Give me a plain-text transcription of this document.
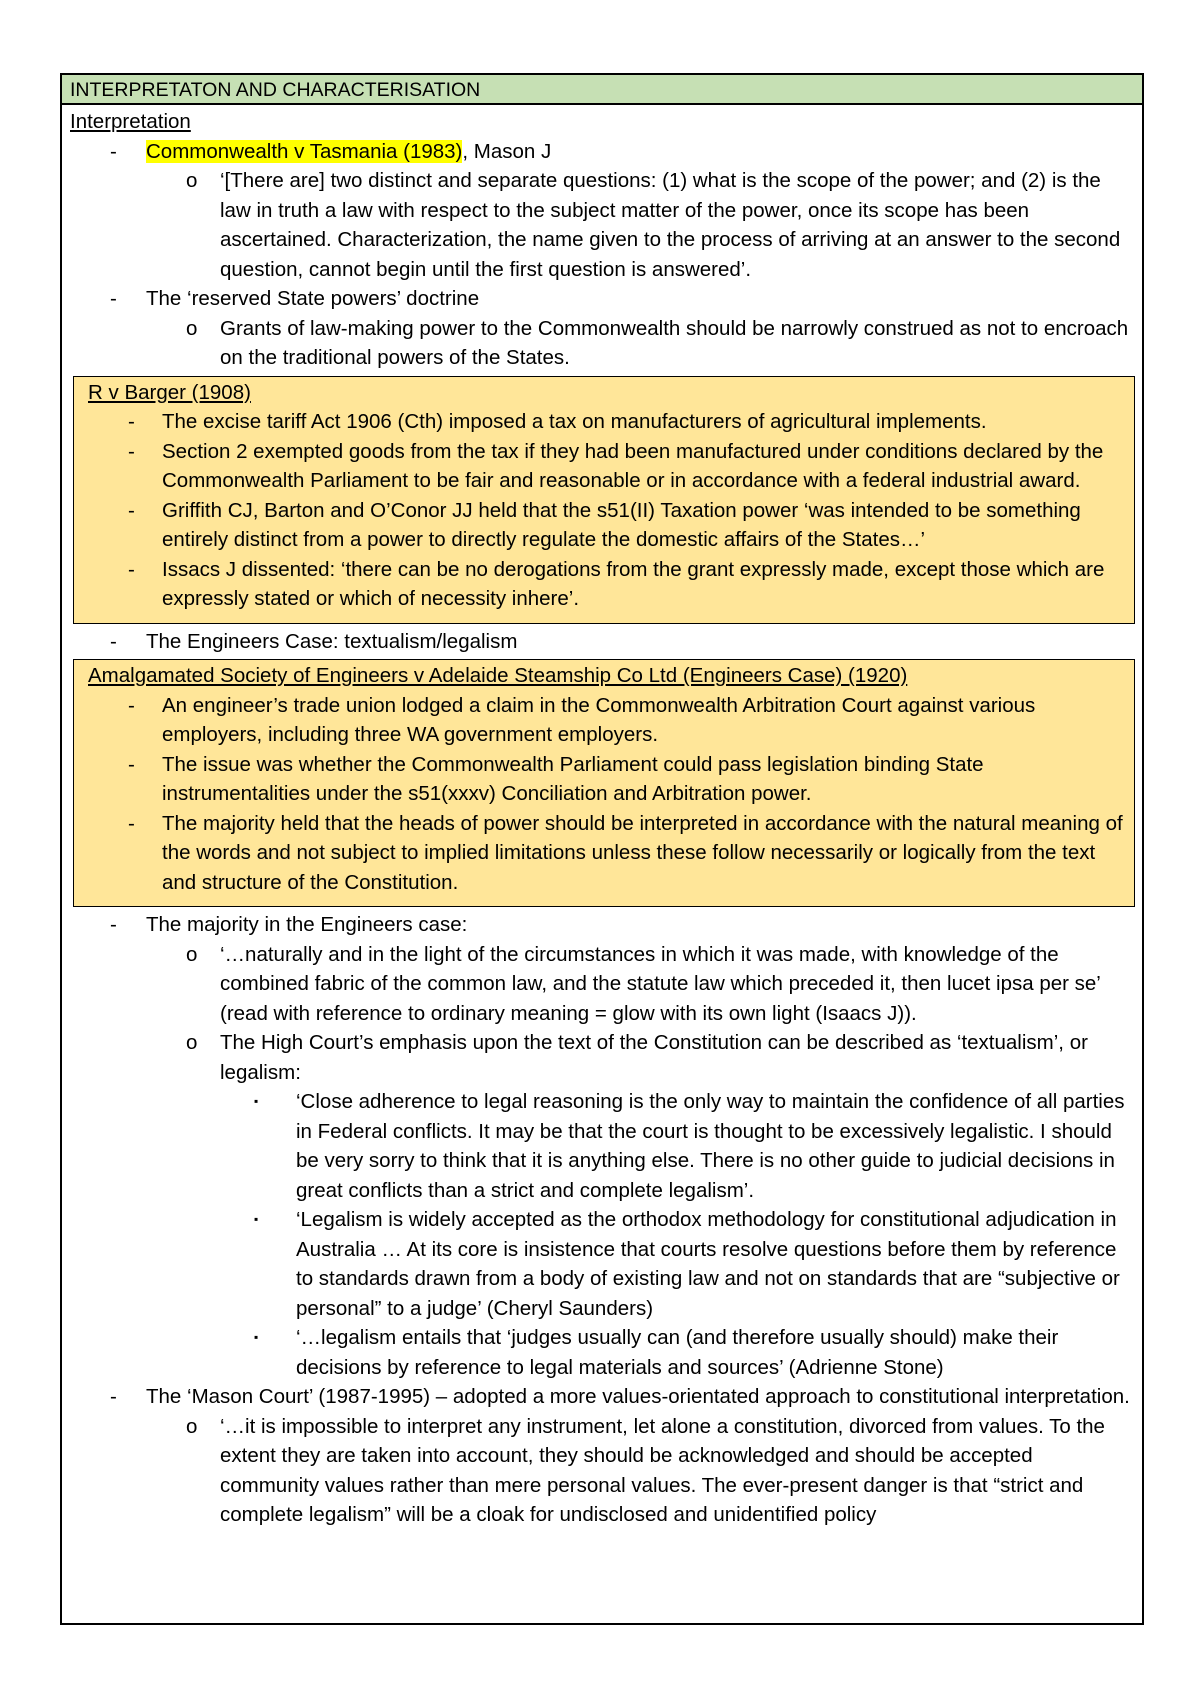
INTERPRETATON AND CHARACTERISATION
Interpretation
- Commonwealth v Tasmania (1983), Mason J
o ‘[There are] two distinct and separate questions: (1) what is the scope of the power; and (2) is the law in truth a law with respect to the subject matter of the power, once its scope has been ascertained. Characterization, the name given to the process of arriving at an answer to the second question, cannot begin until the first question is answered’.
- The ‘reserved State powers’ doctrine
o Grants of law-making power to the Commonwealth should be narrowly construed as not to encroach on the traditional powers of the States.
R v Barger (1908)
- The excise tariff Act 1906 (Cth) imposed a tax on manufacturers of agricultural implements.
- Section 2 exempted goods from the tax if they had been manufactured under conditions declared by the Commonwealth Parliament to be fair and reasonable or in accordance with a federal industrial award.
- Griffith CJ, Barton and O’Conor JJ held that the s51(II) Taxation power ‘was intended to be something entirely distinct from a power to directly regulate the domestic affairs of the States…’
- Issacs J dissented: ‘there can be no derogations from the grant expressly made, except those which are expressly stated or which of necessity inhere’.
- The Engineers Case: textualism/legalism
Amalgamated Society of Engineers v Adelaide Steamship Co Ltd (Engineers Case) (1920)
- An engineer’s trade union lodged a claim in the Commonwealth Arbitration Court against various employers, including three WA government employers.
- The issue was whether the Commonwealth Parliament could pass legislation binding State instrumentalities under the s51(xxxv) Conciliation and Arbitration power.
- The majority held that the heads of power should be interpreted in accordance with the natural meaning of the words and not subject to implied limitations unless these follow necessarily or logically from the text and structure of the Constitution.
- The majority in the Engineers case:
o ‘…naturally and in the light of the circumstances in which it was made, with knowledge of the combined fabric of the common law, and the statute law which preceded it, then lucet ipsa per se’ (read with reference to ordinary meaning = glow with its own light (Isaacs J)).
o The High Court’s emphasis upon the text of the Constitution can be described as ‘textualism’, or legalism:
▪ ‘Close adherence to legal reasoning is the only way to maintain the confidence of all parties in Federal conflicts. It may be that the court is thought to be excessively legalistic. I should be very sorry to think that it is anything else. There is no other guide to judicial decisions in great conflicts than a strict and complete legalism’.
▪ ‘Legalism is widely accepted as the orthodox methodology for constitutional adjudication in Australia … At its core is insistence that courts resolve questions before them by reference to standards drawn from a body of existing law and not on standards that are “subjective or personal” to a judge’ (Cheryl Saunders)
▪ ‘…legalism entails that ‘judges usually can (and therefore usually should) make their decisions by reference to legal materials and sources’ (Adrienne Stone)
- The ‘Mason Court’ (1987-1995) – adopted a more values-orientated approach to constitutional interpretation.
o ‘…it is impossible to interpret any instrument, let alone a constitution, divorced from values. To the extent they are taken into account, they should be acknowledged and should be accepted community values rather than mere personal values. The ever-present danger is that “strict and complete legalism” will be a cloak for undisclosed and unidentified policy
